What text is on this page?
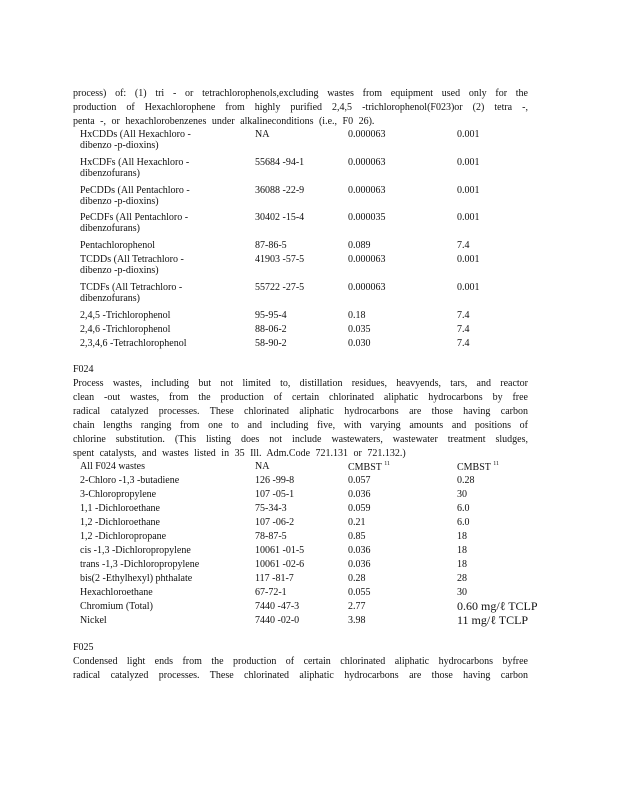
process) of: (1) tri - or tetrachlorophenols,excluding wastes from equipment used only for the
production of Hexachlorophene from highly purified 2,4,5 -trichlorophenol(F023)or (2) tetra -,
penta -, or hexachlorobenzenes under alkalineconditions (i.e., F0 26).
HxCDDs (All Hexachloro -
dibenzo -p-dioxins)
NA	0.000063	0.001
HxCDFs (All Hexachloro -
dibenzofurans)
55684 -94-1	0.000063	0.001
PeCDDs (All Pentachloro -
dibenzo -p-dioxins)
36088 -22-9	0.000063	0.001
PeCDFs (All Pentachloro -
dibenzofurans)
30402 -15-4	0.000035	0.001
Pentachlorophenol	87-86-5	0.089	7.4
TCDDs (All Tetrachloro -
dibenzo -p-dioxins)
41903 -57-5	0.000063	0.001
TCDFs (All Tetrachloro -
dibenzofurans)
55722 -27-5	0.000063	0.001
2,4,5 -Trichlorophenol	95-95-4	0.18	7.4
2,4,6 -Trichlorophenol	88-06-2	0.035	7.4
2,3,4,6 -Tetrachlorophenol	58-90-2	0.030	7.4
F024
Process wastes, including but not limited to, distillation residues, heavyends, tars, and reactor
clean -out wastes, from the production of certain chlorinated aliphatic hydrocarbons by free
radical catalyzed processes. These chlorinated aliphatic hydrocarbons are those having carbon
chain lengths ranging from one to and including five, with varying amounts and positions of
chlorine substitution. (This listing does not include wastewaters, wastewater treatment sludges,
spent catalysts, and wastes listed in 35 Ill. Adm.Code 721.131 or 721.132.)
All F024 wastes	NA	CMBST $^{11}$	CMBST $^{11}$
2-Chloro -1,3 -butadiene	126 -99-8	0.057	0.28
3-Chloropropylene	107 -05-1	0.036	30
1,1 -Dichloroethane	75-34-3	0.059	6.0
1,2 -Dichloroethane	107 -06-2	0.21	6.0
1,2 -Dichloropropane	78-87-5	0.85	18
cis -1,3 -Dichloropropylene	10061 -01-5	0.036	18
trans -1,3 -Dichloropropylene	10061 -02-6	0.036	18
bis(2 -Ethylhexyl) phthalate	117 -81-7	0.28	28
Hexachloroethane	67-72-1	0.055	30
Chromium (Total)	7440 -47-3	2.77	0.60 mg/ℓ TCLP
Nickel	7440 -02-0	3.98	11 mg/ℓ TCLP
F025
Condensed light ends from the production of certain chlorinated aliphatic hydrocarbons byfree
radical catalyzed processes. These chlorinated aliphatic hydrocarbons are those having carbon
